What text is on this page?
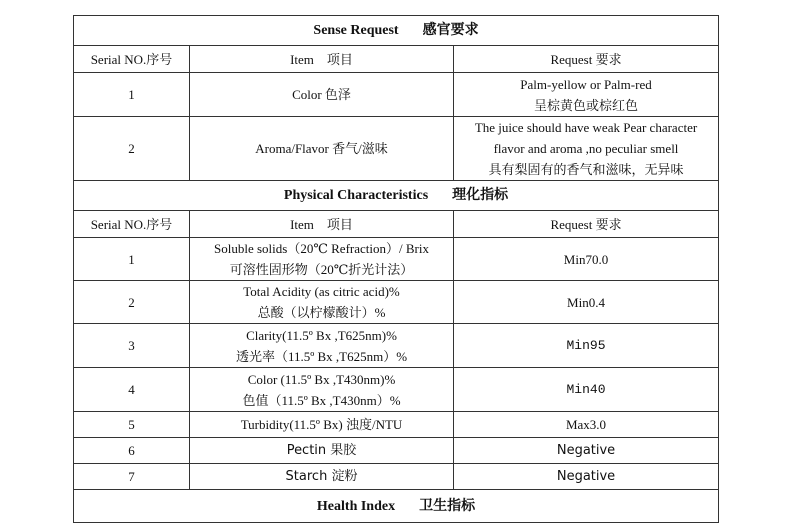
Sense Request 感官要求		
Serial NO.序号	Item　项目	Request 要求
1	Color 色泽	Palm-yellow or Palm-red
呈棕黄色或棕红色

2	Aroma/Flavor 香气/滋味	The juice should have weak Pear character
flavor and aroma ,no peculiar smell
具有梨固有的香气和滋味，无异味

Physical Characteristics 理化指标		
Serial NO.序号	Item　项目	Request 要求
1	Soluble solids（20℃ Refraction）/ Brix
可溶性固形物（20℃折光计法）	Min70.0
2	Total Acidity (as citric acid)%
总酸（以柠檬酸计）%	Min0.4
3	Clarity(11.5º Bx ,T625nm)%
透光率（11.5º Bx ,T625nm）%	Min95
4	Color (11.5º Bx ,T430nm)%
色值（11.5º Bx ,T430nm）%	Min40
5	Turbidity(11.5º Bx) 浊度/NTU	Max3.0
6	Pectin 果胶	Negative
7	Starch 淀粉	Negative
Health Index 卫生指标		
